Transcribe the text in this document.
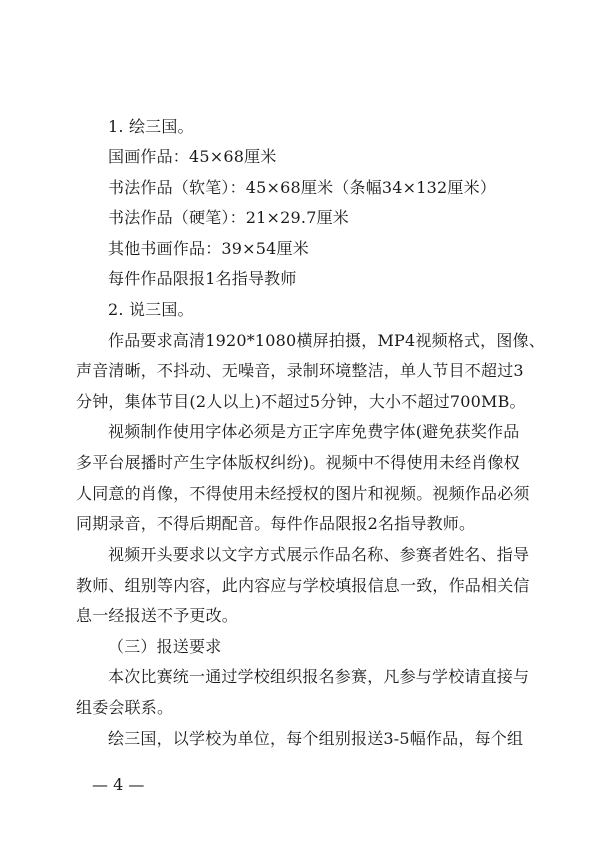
1. 绘三国。
国画作品：45×68厘米
书法作品（软笔）：45×68厘米（条幅34×132厘米）
书法作品（硬笔）：21×29.7厘米
其他书画作品：39×54厘米
每件作品限报1名指导教师
2. 说三国。
作品要求高清1920*1080横屏拍摄，MP4视频格式，图像、
声音清晰，不抖动、无噪音，录制环境整洁，单人节目不超过3
分钟，集体节目(2人以上)不超过5分钟，大小不超过700MB。
视频制作使用字体必须是方正字库免费字体(避免获奖作品
多平台展播时产生字体版权纠纷)。视频中不得使用未经肖像权
人同意的肖像，不得使用未经授权的图片和视频。视频作品必须
同期录音，不得后期配音。每件作品限报2名指导教师。
视频开头要求以文字方式展示作品名称、参赛者姓名、指导
教师、组别等内容，此内容应与学校填报信息一致，作品相关信
息一经报送不予更改。
（三）报送要求
本次比赛统一通过学校组织报名参赛，凡参与学校请直接与
组委会联系。
绘三国，以学校为单位，每个组别报送3-5幅作品，每个组
— 4 —
